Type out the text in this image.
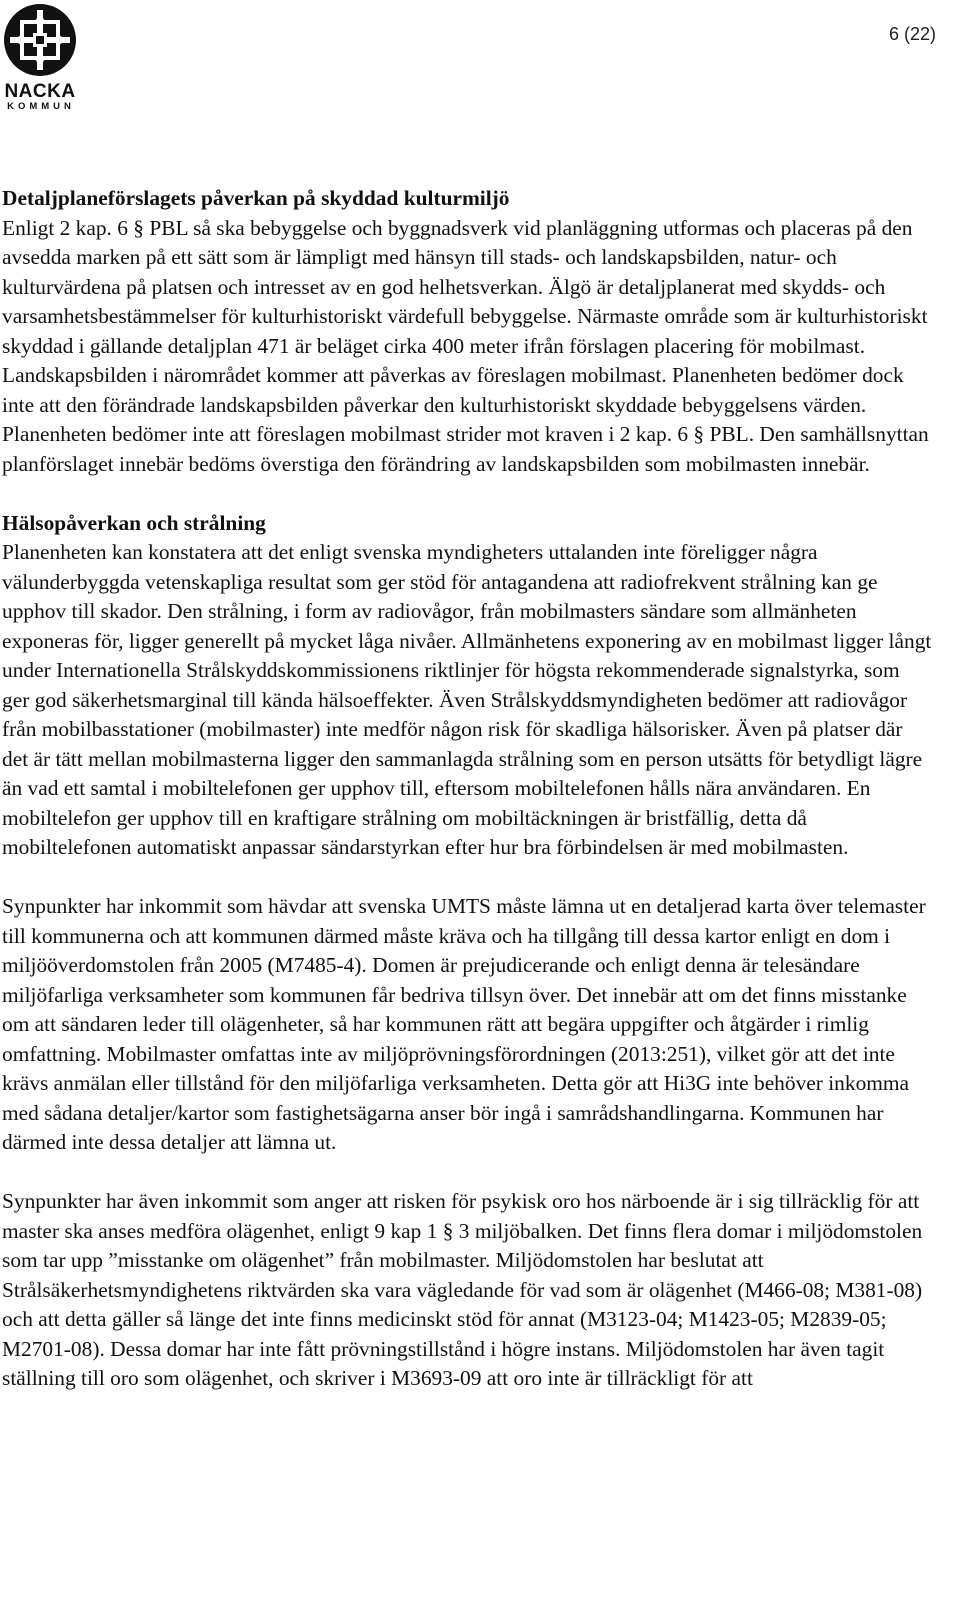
NACKA
KOMMUN
6 (22)
Detaljplaneförslagets påverkan på skyddad kulturmiljö

Enligt 2 kap. 6 § PBL så ska bebyggelse och byggnadsverk vid planläggning utformas och placeras på den avsedda marken på ett sätt som är lämpligt med hänsyn till stads- och landskapsbilden, natur- och kulturvärdena på platsen och intresset av en god helhetsverkan. Älgö är detaljplanerat med skydds- och varsamhetsbestämmelser för kulturhistoriskt värdefull bebyggelse. Närmaste område som är kulturhistoriskt skyddad i gällande detaljplan 471 är beläget cirka 400 meter ifrån förslagen placering för mobilmast. Landskapsbilden i närområdet kommer att påverkas av föreslagen mobilmast. Planenheten bedömer dock inte att den förändrade landskapsbilden påverkar den kulturhistoriskt skyddade bebyggelsens värden. Planenheten bedömer inte att föreslagen mobilmast strider mot kraven i 2 kap. 6 § PBL. Den samhällsnyttan planförslaget innebär bedöms överstiga den förändring av landskapsbilden som mobilmasten innebär.

Hälsopåverkan och strålning

Planenheten kan konstatera att det enligt svenska myndigheters uttalanden inte föreligger några välunderbyggda vetenskapliga resultat som ger stöd för antagandena att radiofrekvent strålning kan ge upphov till skador. Den strålning, i form av radiovågor, från mobilmasters sändare som allmänheten exponeras för, ligger generellt på mycket låga nivåer. Allmänhetens exponering av en mobilmast ligger långt under Internationella Strålskyddskommissionens riktlinjer för högsta rekommenderade signalstyrka, som ger god säkerhetsmarginal till kända hälsoeffekter. Även Strålskyddsmyndigheten bedömer att radiovågor från mobilbasstationer (mobilmaster) inte medför någon risk för skadliga hälsorisker. Även på platser där det är tätt mellan mobilmasterna ligger den sammanlagda strålning som en person utsätts för betydligt lägre än vad ett samtal i mobiltelefonen ger upphov till, eftersom mobiltelefonen hålls nära användaren. En mobiltelefon ger upphov till en kraftigare strålning om mobiltäckningen är bristfällig, detta då mobiltelefonen automatiskt anpassar sändarstyrkan efter hur bra förbindelsen är med mobilmasten.

Synpunkter har inkommit som hävdar att svenska UMTS måste lämna ut en detaljerad karta över telemaster till kommunerna och att kommunen därmed måste kräva och ha tillgång till dessa kartor enligt en dom i miljööverdomstolen från 2005 (M7485-4). Domen är prejudicerande och enligt denna är telesändare miljöfarliga verksamheter som kommunen får bedriva tillsyn över. Det innebär att om det finns misstanke om att sändaren leder till olägenheter, så har kommunen rätt att begära uppgifter och åtgärder i rimlig omfattning. Mobilmaster omfattas inte av miljöprövningsförordningen (2013:251), vilket gör att det inte krävs anmälan eller tillstånd för den miljöfarliga verksamheten. Detta gör att Hi3G inte behöver inkomma med sådana detaljer/kartor som fastighetsägarna anser bör ingå i samrådshandlingarna. Kommunen har därmed inte dessa detaljer att lämna ut.

Synpunkter har även inkommit som anger att risken för psykisk oro hos närboende är i sig tillräcklig för att master ska anses medföra olägenhet, enligt 9 kap 1 § 3 miljöbalken. Det finns flera domar i miljödomstolen som tar upp ”misstanke om olägenhet” från mobilmaster. Miljödomstolen har beslutat att Strålsäkerhetsmyndighetens riktvärden ska vara vägledande för vad som är olägenhet (M466-08; M381-08) och att detta gäller så länge det inte finns medicinskt stöd för annat (M3123-04; M1423-05; M2839-05; M2701-08). Dessa domar har inte fått prövningstillstånd i högre instans. Miljödomstolen har även tagit ställning till oro som olägenhet, och skriver i M3693-09 att oro inte är tillräckligt för att
